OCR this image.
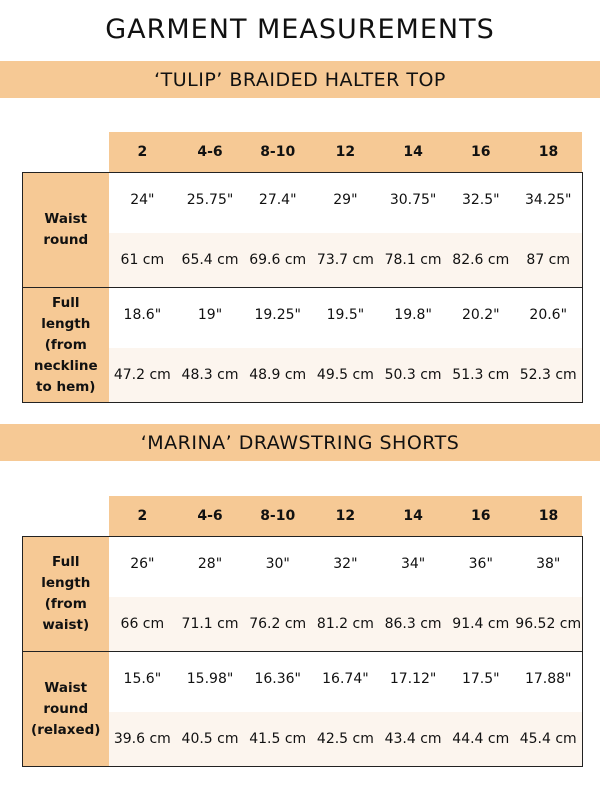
GARMENT MEASUREMENTS
‘TULIP’ BRAIDED HALTER TOP
	2	4-6	8-10	12	14	16	18
Waist
round	24"	25.75"	27.4"	29"	30.75"	32.5"	34.25"
	61 cm	65.4 cm	69.6 cm	73.7 cm	78.1 cm	82.6 cm	87 cm
Full length
(from
neckline
to hem)	18.6"	19"	19.25"	19.5"	19.8"	20.2"	20.6"
	47.2 cm	48.3 cm	48.9 cm	49.5 cm	50.3 cm	51.3 cm	52.3 cm
‘MARINA’ DRAWSTRING SHORTS
	2	4-6	8-10	12	14	16	18
Full length
(from waist)	26"	28"	30"	32"	34"	36"	38"
	66 cm	71.1 cm	76.2 cm	81.2 cm	86.3 cm	91.4 cm	96.52 cm
Waist
round
(relaxed)	15.6"	15.98"	16.36"	16.74"	17.12"	17.5"	17.88"
	39.6 cm	40.5 cm	41.5 cm	42.5 cm	43.4 cm	44.4 cm	45.4 cm
